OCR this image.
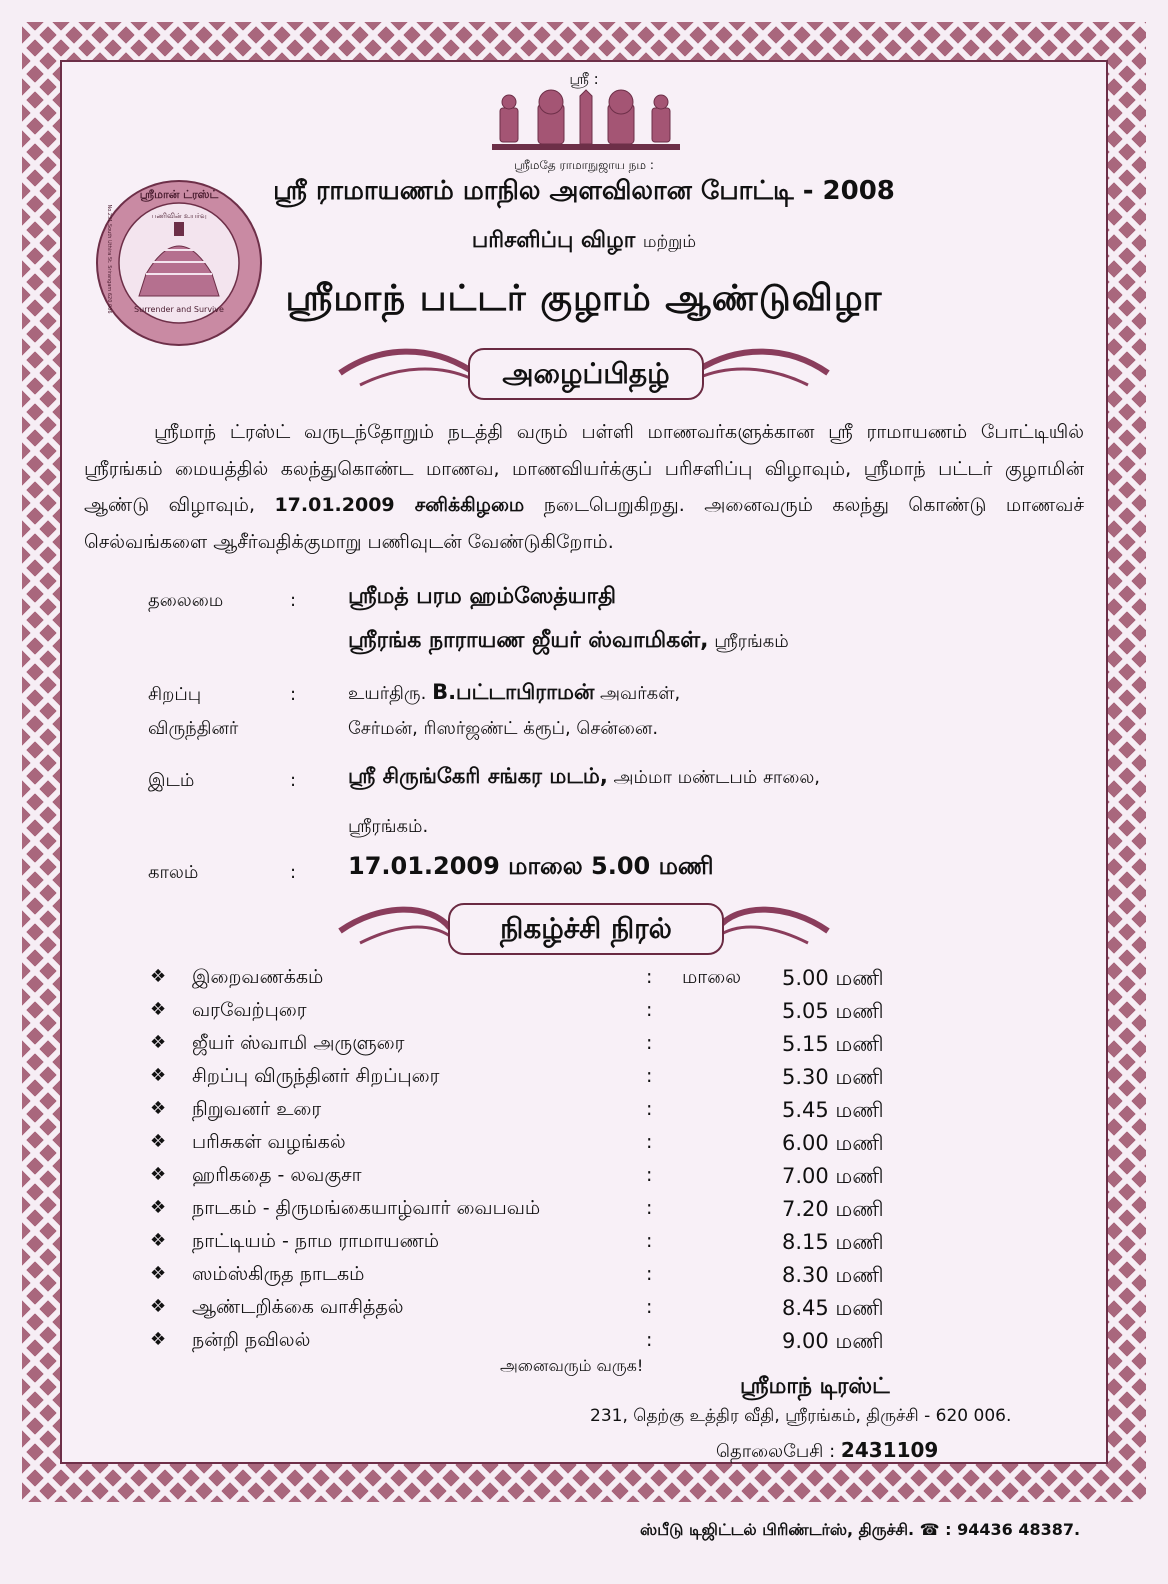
ஸ்ரீ :
ஸ்ரீமதே ராமாநுஜாய நம :
ஸ்ரீ ராமாயணம் மாநில அளவிலான போட்டி - 2008
பரிசளிப்பு விழா மற்றும்
ஸ்ரீமாந் பட்டர் குழாம் ஆண்டுவிழா
ஸ்ரீமான் ட்ரஸ்ட்
பணிவின் உயர்வு
Surrender and Survive
No.231 South Uthira St. Srirangam 620 006
அழைப்பிதழ்
ஸ்ரீமாந் ட்ரஸ்ட் வருடந்தோறும் நடத்தி வரும் பள்ளி மாணவர்களுக்கான ஸ்ரீ ராமாயணம் போட்டியில் ஸ்ரீரங்கம் மையத்தில் கலந்துகொண்ட மாணவ, மாணவியர்க்குப் பரிசளிப்பு விழாவும், ஸ்ரீமாந் பட்டர் குழாமின் ஆண்டு விழாவும், 17.01.2009 சனிக்கிழமை நடைபெறுகிறது. அனைவரும் கலந்து கொண்டு மாணவச் செல்வங்களை ஆசீர்வதிக்குமாறு பணிவுடன் வேண்டுகிறோம்.
தலைமை	: ஸ்ரீமத் பரம ஹம்ஸேத்யாதி
ஸ்ரீரங்க நாராயண ஜீயர் ஸ்வாமிகள், ஸ்ரீரங்கம்
சிறப்பு	:
விருந்தினர்
உயர்திரு. B.பட்டாபிராமன் அவர்கள்,
சேர்மன், ரிஸர்ஜண்ட் க்ரூப், சென்னை.
இடம்	: ஸ்ரீ சிருங்கேரி சங்கர மடம், அம்மா மண்டபம் சாலை,
ஸ்ரீரங்கம்.
காலம்	: 17.01.2009 மாலை 5.00 மணி
நிகழ்ச்சி நிரல்
❖ இறைவணக்கம்	: மாலை 5.00 மணி
❖ வரவேற்புரை	:	5.05 மணி
❖ ஜீயர் ஸ்வாமி அருளுரை	:	5.15 மணி
❖ சிறப்பு விருந்தினர் சிறப்புரை	:	5.30 மணி
❖ நிறுவனர் உரை	:	5.45 மணி
❖ பரிசுகள் வழங்கல்	:	6.00 மணி
❖ ஹரிகதை - லவகுசா	:	7.00 மணி
❖ நாடகம் - திருமங்கையாழ்வார் வைபவம்	:	7.20 மணி
❖ நாட்டியம் - நாம ராமாயணம்	:	8.15 மணி
❖ ஸம்ஸ்கிருத நாடகம்	:	8.30 மணி
❖ ஆண்டறிக்கை வாசித்தல்	:	8.45 மணி
❖ நன்றி நவிலல்	:	9.00 மணி
அனைவரும் வருக!
ஸ்ரீமாந் டிரஸ்ட்
231, தெற்கு உத்திர வீதி, ஸ்ரீரங்கம், திருச்சி - 620 006.
தொலைபேசி : 2431109
ஸ்பீடு டிஜிட்டல் பிரிண்டர்ஸ், திருச்சி. ☎ : 94436 48387.
